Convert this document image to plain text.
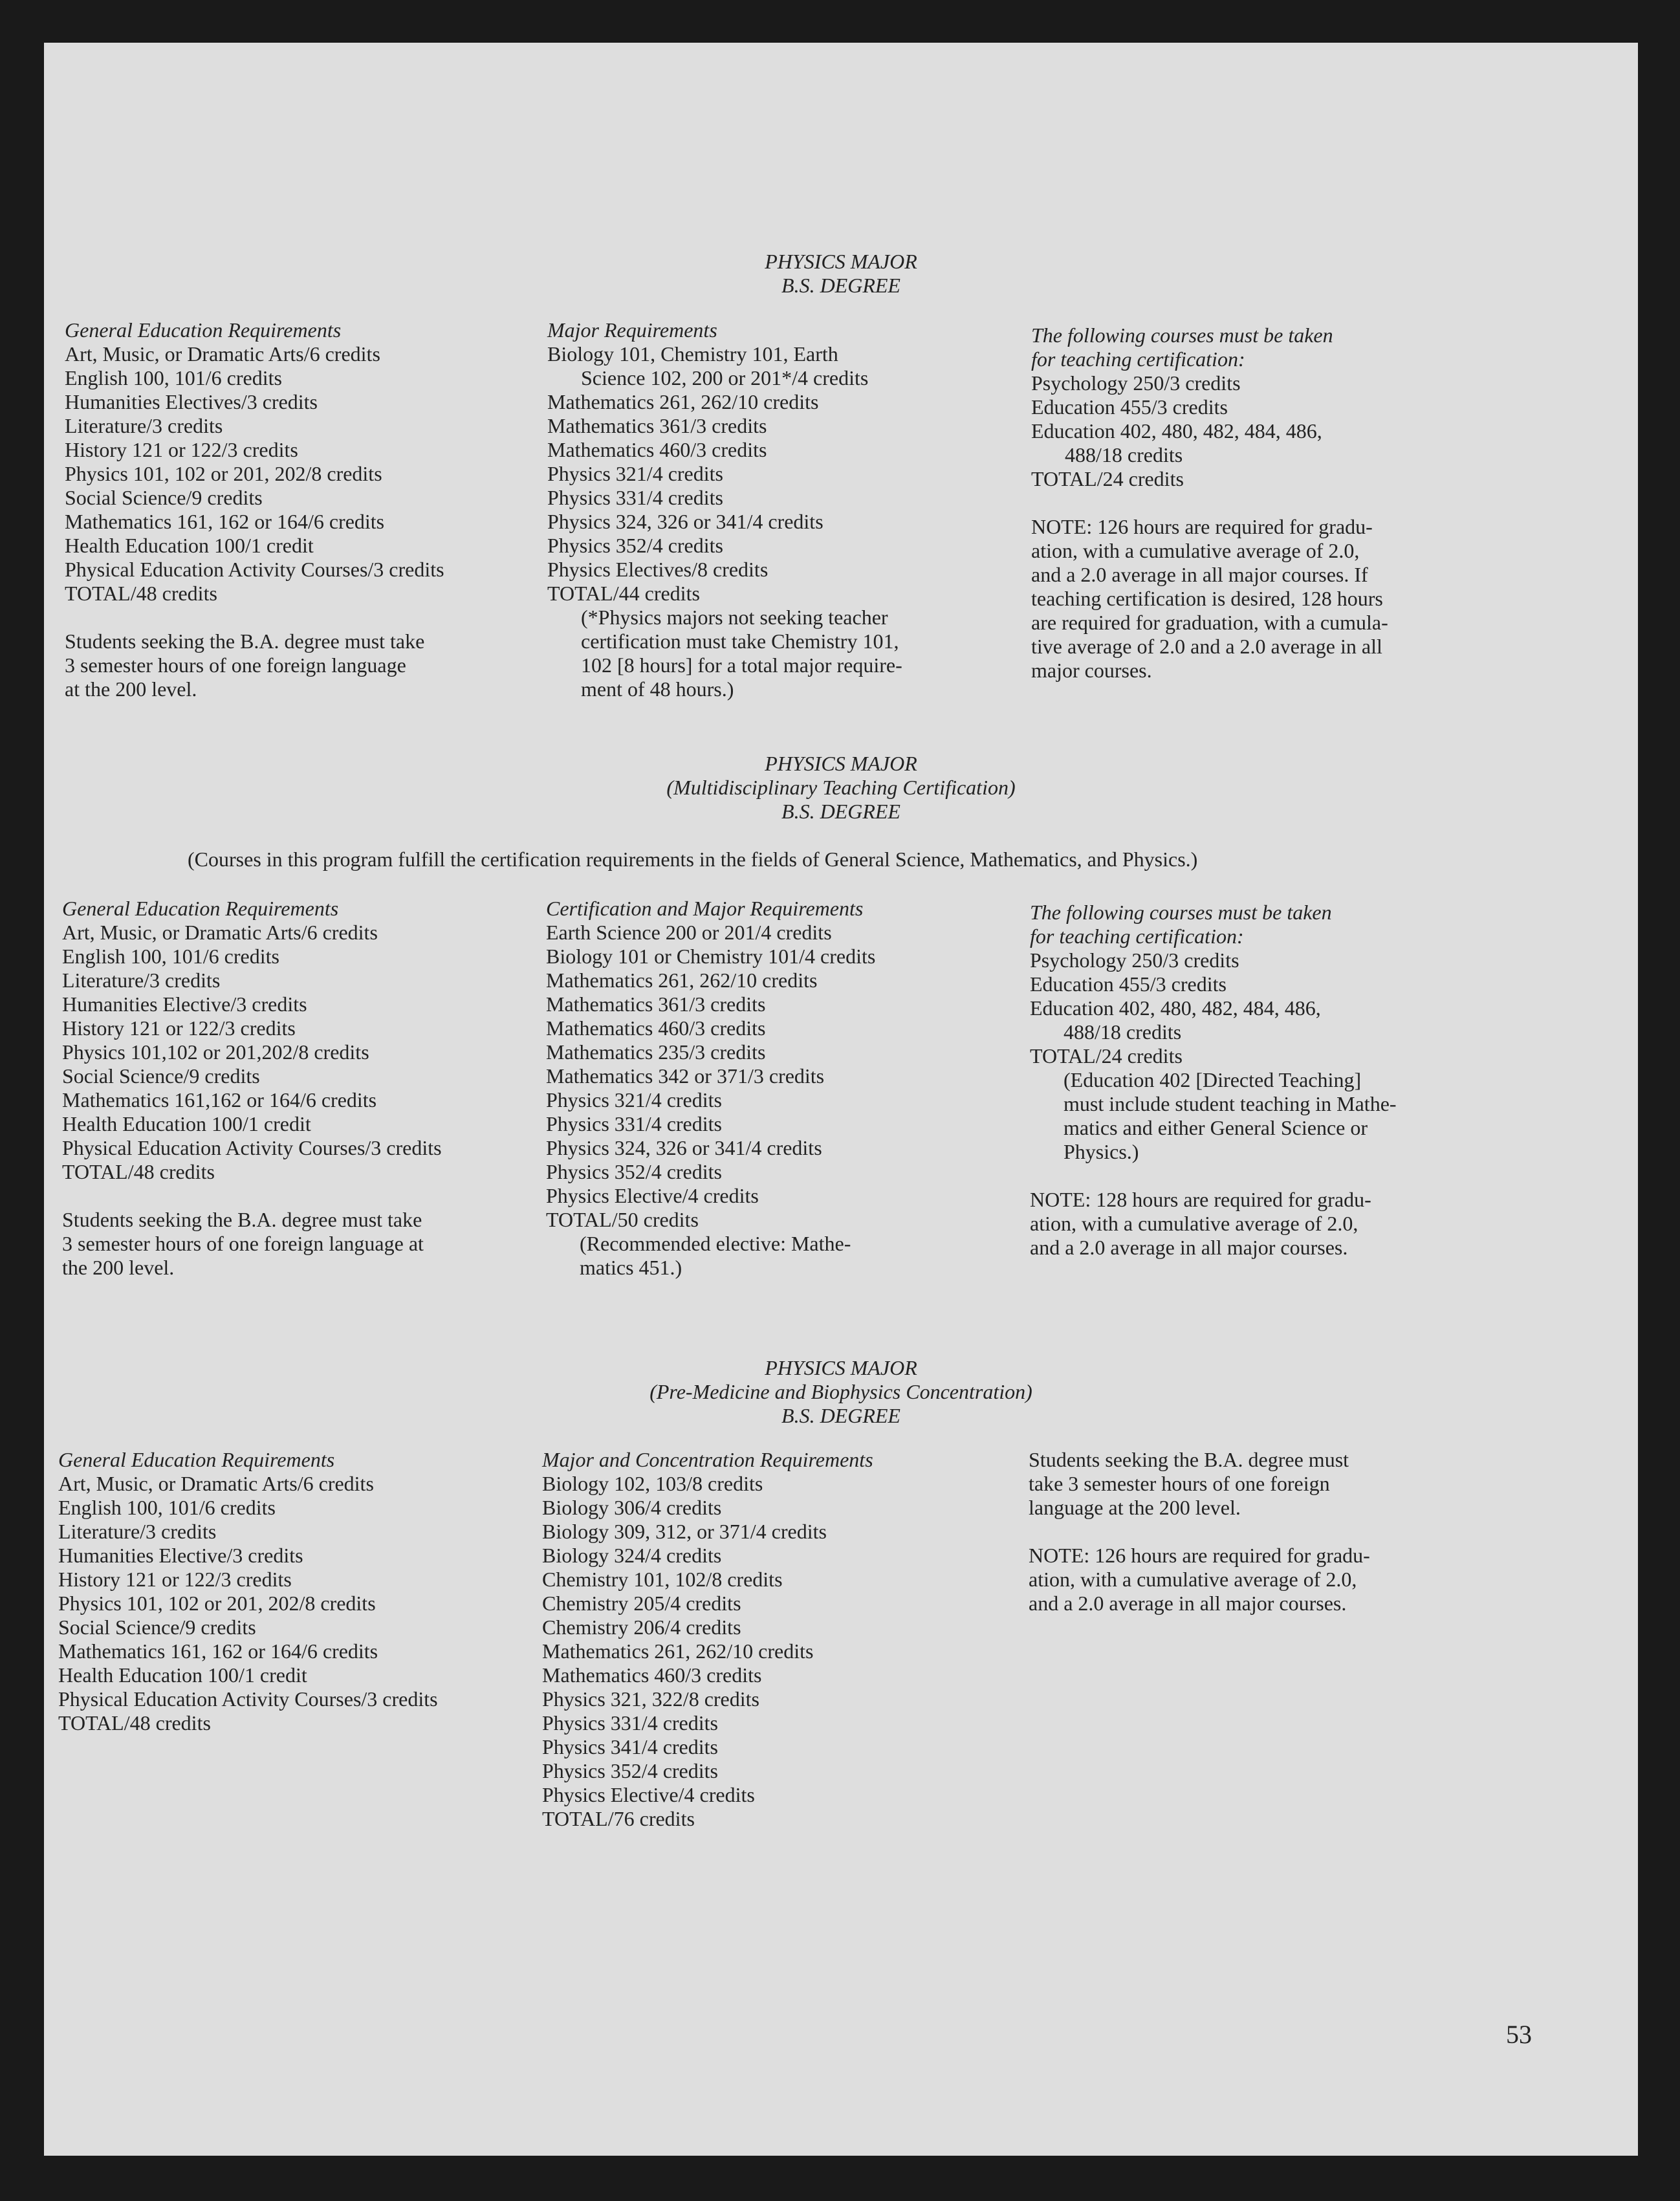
PHYSICS MAJOR
B.S. DEGREE
General Education Requirements
Art, Music, or Dramatic Arts/6 credits
English 100, 101/6 credits
Humanities Electives/3 credits
Literature/3 credits
History 121 or 122/3 credits
Physics 101, 102 or 201, 202/8 credits
Social Science/9 credits
Mathematics 161, 162 or 164/6 credits
Health Education 100/1 credit
Physical Education Activity Courses/3 credits
TOTAL/48 credits
Students seeking the B.A. degree must take
3 semester hours of one foreign language
at the 200 level.
Major Requirements
Biology 101, Chemistry 101, Earth
Science 102, 200 or 201*/4 credits
Mathematics 261, 262/10 credits
Mathematics 361/3 credits
Mathematics 460/3 credits
Physics 321/4 credits
Physics 331/4 credits
Physics 324, 326 or 341/4 credits
Physics 352/4 credits
Physics Electives/8 credits
TOTAL/44 credits
(*Physics majors not seeking teacher
certification must take Chemistry 101,
102 [8 hours] for a total major require-
ment of 48 hours.)
The following courses must be taken
for teaching certification:
Psychology 250/3 credits
Education 455/3 credits
Education 402, 480, 482, 484, 486,
488/18 credits
TOTAL/24 credits
NOTE: 126 hours are required for gradu-
ation, with a cumulative average of 2.0,
and a 2.0 average in all major courses. If
teaching certification is desired, 128 hours
are required for graduation, with a cumula-
tive average of 2.0 and a 2.0 average in all
major courses.
PHYSICS MAJOR
(Multidisciplinary Teaching Certification)
B.S. DEGREE
(Courses in this program fulfill the certification requirements in the fields of General Science, Mathematics, and Physics.)
General Education Requirements
Art, Music, or Dramatic Arts/6 credits
English 100, 101/6 credits
Literature/3 credits
Humanities Elective/3 credits
History 121 or 122/3 credits
Physics 101,102 or 201,202/8 credits
Social Science/9 credits
Mathematics 161,162 or 164/6 credits
Health Education 100/1 credit
Physical Education Activity Courses/3 credits
TOTAL/48 credits
Students seeking the B.A. degree must take
3 semester hours of one foreign language at
the 200 level.
Certification and Major Requirements
Earth Science 200 or 201/4 credits
Biology 101 or Chemistry 101/4 credits
Mathematics 261, 262/10 credits
Mathematics 361/3 credits
Mathematics 460/3 credits
Mathematics 235/3 credits
Mathematics 342 or 371/3 credits
Physics 321/4 credits
Physics 331/4 credits
Physics 324, 326 or 341/4 credits
Physics 352/4 credits
Physics Elective/4 credits
TOTAL/50 credits
(Recommended elective: Mathe-
matics 451.)
The following courses must be taken
for teaching certification:
Psychology 250/3 credits
Education 455/3 credits
Education 402, 480, 482, 484, 486,
488/18 credits
TOTAL/24 credits
(Education 402 [Directed Teaching]
must include student teaching in Mathe-
matics and either General Science or
Physics.)
NOTE: 128 hours are required for gradu-
ation, with a cumulative average of 2.0,
and a 2.0 average in all major courses.
PHYSICS MAJOR
(Pre-Medicine and Biophysics Concentration)
B.S. DEGREE
General Education Requirements
Art, Music, or Dramatic Arts/6 credits
English 100, 101/6 credits
Literature/3 credits
Humanities Elective/3 credits
History 121 or 122/3 credits
Physics 101, 102 or 201, 202/8 credits
Social Science/9 credits
Mathematics 161, 162 or 164/6 credits
Health Education 100/1 credit
Physical Education Activity Courses/3 credits
TOTAL/48 credits
Major and Concentration Requirements
Biology 102, 103/8 credits
Biology 306/4 credits
Biology 309, 312, or 371/4 credits
Biology 324/4 credits
Chemistry 101, 102/8 credits
Chemistry 205/4 credits
Chemistry 206/4 credits
Mathematics 261, 262/10 credits
Mathematics 460/3 credits
Physics 321, 322/8 credits
Physics 331/4 credits
Physics 341/4 credits
Physics 352/4 credits
Physics Elective/4 credits
TOTAL/76 credits
Students seeking the B.A. degree must
take 3 semester hours of one foreign
language at the 200 level.
NOTE: 126 hours are required for gradu-
ation, with a cumulative average of 2.0,
and a 2.0 average in all major courses.
53
